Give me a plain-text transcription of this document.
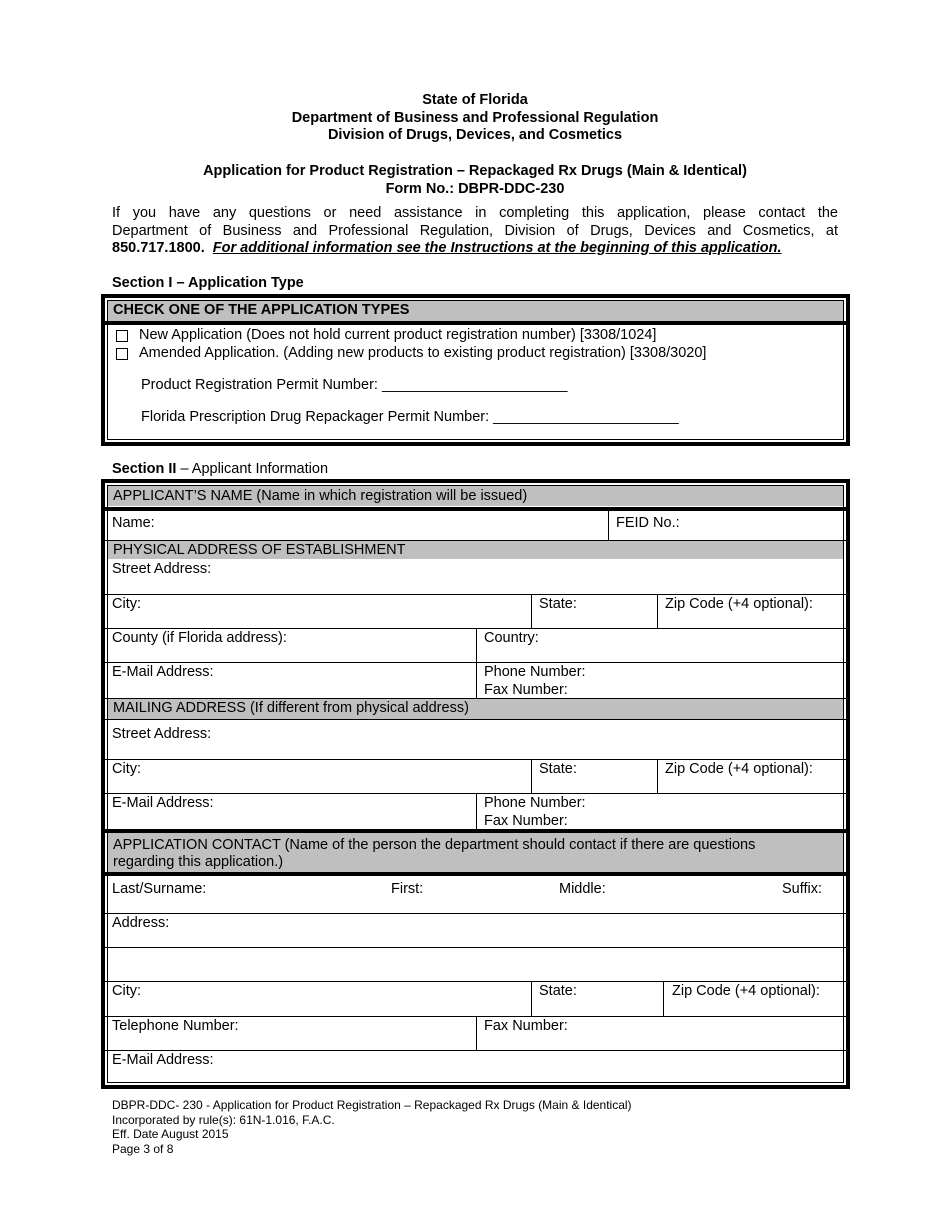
State of Florida
Department of Business and Professional Regulation
Division of Drugs, Devices, and Cosmetics
Application for Product Registration – Repackaged Rx Drugs (Main & Identical)
Form No.: DBPR-DDC-230
If you have any questions or need assistance in completing this application, please contact the
Department of Business and Professional Regulation, Division of Drugs, Devices and Cosmetics, at
850.717.1800. For additional information see the Instructions at the beginning of this application.
Section I – Application Type
CHECK ONE OF THE APPLICATION TYPES
New Application (Does not hold current product registration number) [3308/1024]
Amended Application. (Adding new products to existing product registration) [3308/3020]
Product Registration Permit Number: _______________________
Florida Prescription Drug Repackager Permit Number: _______________________
Section II – Applicant Information
APPLICANT’S NAME (Name in which registration will be issued)
Name:	FEID No.:
PHYSICAL ADDRESS OF ESTABLISHMENT
Street Address:
City:	State:	Zip Code (+4 optional):
County (if Florida address):	Country:
E-Mail Address:	Phone Number:
Fax Number:
MAILING ADDRESS (If different from physical address)
Street Address:
City:	State:	Zip Code (+4 optional):
E-Mail Address:	Phone Number:
Fax Number:
APPLICATION CONTACT (Name of the person the department should contact if there are questions
regarding this application.)
Last/Surname:	First:	Middle:	Suffix:
Address:
City:	State:	Zip Code (+4 optional):
Telephone Number:	Fax Number:
E-Mail Address:
DBPR-DDC- 230 - Application for Product Registration – Repackaged Rx Drugs (Main & Identical)
Incorporated by rule(s): 61N-1.016, F.A.C.
Eff. Date August 2015
Page 3 of 8
